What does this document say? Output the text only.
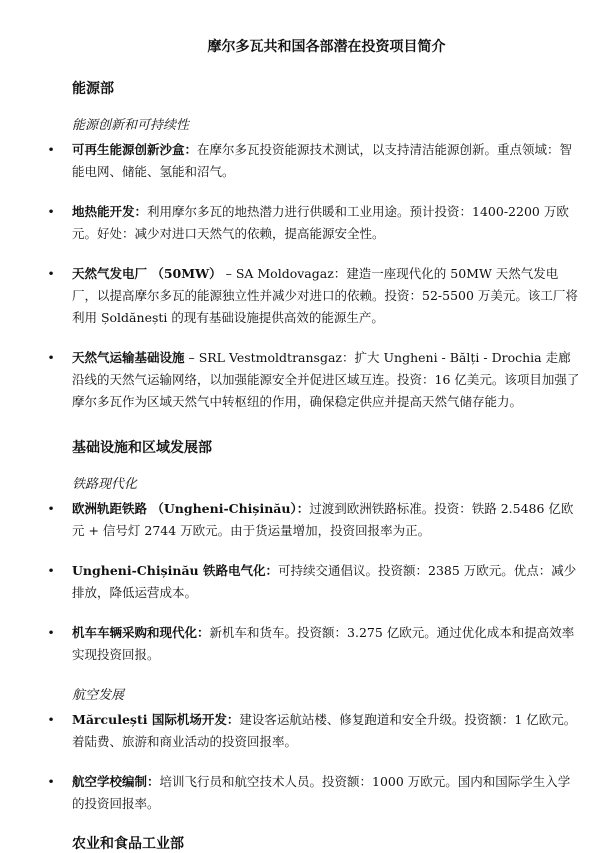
摩尔多瓦共和国各部潜在投资项目简介
能源部
能源创新和可持续性
• 可再生能源创新沙盒：在摩尔多瓦投资能源技术测试，以支持清洁能源创新。重点领域：智能电网、储能、氢能和沼气。
• 地热能开发：利用摩尔多瓦的地热潜力进行供暖和工业用途。预计投资：1400-2200 万欧元。好处：减少对进口天然气的依赖，提高能源安全性。
• 天然气发电厂 （50MW） – SA Moldovagaz：建造一座现代化的 50MW 天然气发电厂，以提高摩尔多瓦的能源独立性并减少对进口的依赖。投资：52-5500 万美元。该工厂将利用 Șoldănești 的现有基础设施提供高效的能源生产。
• 天然气运输基础设施 – SRL Vestmoldtransgaz：扩大 Ungheni - Bălți - Drochia 走廊沿线的天然气运输网络，以加强能源安全并促进区域互连。投资：16 亿美元。该项目加强了摩尔多瓦作为区域天然气中转枢纽的作用，确保稳定供应并提高天然气储存能力。
基础设施和区域发展部
铁路现代化
• 欧洲轨距铁路 （Ungheni-Chișinău）：过渡到欧洲铁路标准。投资：铁路 2.5486 亿欧元 + 信号灯 2744 万欧元。由于货运量增加，投资回报率为正。
• Ungheni-Chișinău 铁路电气化：可持续交通倡议。投资额：2385 万欧元。优点：减少排放，降低运营成本。
• 机车车辆采购和现代化：新机车和货车。投资额：3.275 亿欧元。通过优化成本和提高效率实现投资回报。
航空发展
• Mărculești 国际机场开发：建设客运航站楼、修复跑道和安全升级。投资额：1 亿欧元。着陆费、旅游和商业活动的投资回报率。
• 航空学校编制：培训飞行员和航空技术人员。投资额：1000 万欧元。国内和国际学生入学的投资回报率。
农业和食品工业部
